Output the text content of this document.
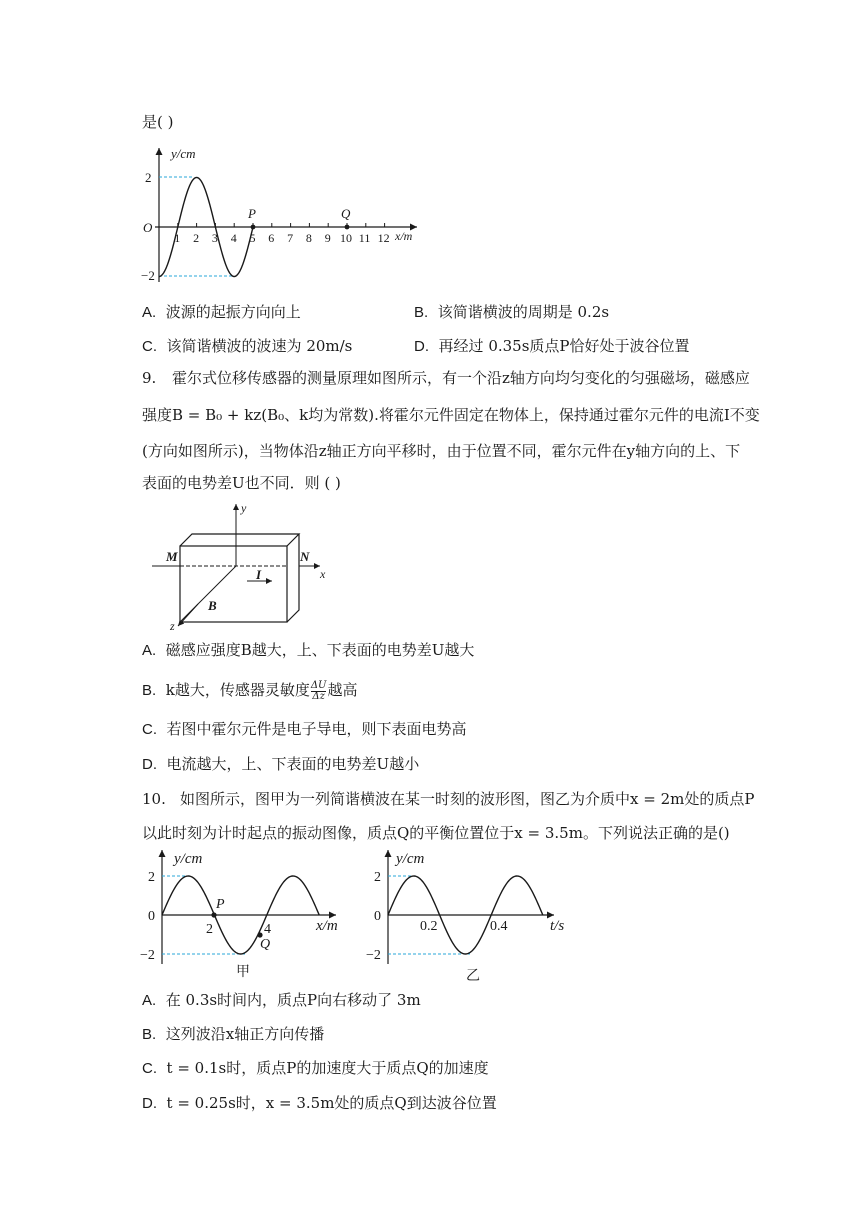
是( )
1 2 3 4 5 6 7 8 9 10 11 12
y/cm
2
−2
O
x/m
P	Q
A. 波源的起振方向向上	B. 该简谐横波的周期是 0.2s
C. 该简谐横波的波速为 20m/s	D. 再经过 0.35s质点P恰好处于波谷位置
9. 霍尔式位移传感器的测量原理如图所示，有一个沿z轴方向均匀变化的匀强磁场，磁感应
强度B = B₀ + kz(B₀、k均为常数).将霍尔元件固定在物体上，保持通过霍尔元件的电流I不变
(方向如图所示)，当物体沿z轴正方向平移时，由于位置不同，霍尔元件在y轴方向的上、下
表面的电势差U也不同．则 ( )
y
x
z
M	N
I
B
A. 磁感应强度B越大，上、下表面的电势差U越大
B. k越大，传感器灵敏度 $\frac{\Delta U}{\Delta z}$ 越高
C. 若图中霍尔元件是电子导电，则下表面电势高
D. 电流越大，上、下表面的电势差U越小
10. 如图所示，图甲为一列简谐横波在某一时刻的波形图，图乙为介质中x = 2m处的质点P
以此时刻为计时起点的振动图像，质点Q的平衡位置位于x = 3.5m。下列说法正确的是()
y/cm
2
0
−2
2	4	x/m
P
Q
甲
y/cm
2
0
−2
0.2	0.4	t/s
乙
A. 在 0.3s时间内，质点P向右移动了 3m
B. 这列波沿x轴正方向传播
C. t = 0.1s时，质点P的加速度大于质点Q的加速度
D. t = 0.25s时，x = 3.5m处的质点Q到达波谷位置
